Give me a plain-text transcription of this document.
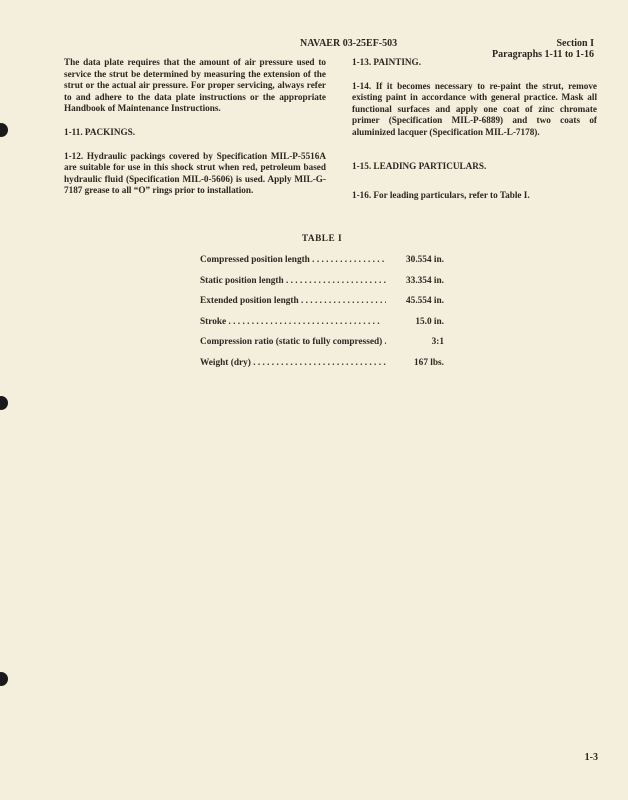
NAVAER 03-25EF-503	Section I
Paragraphs 1-11 to 1-16

The data plate requires that the amount of air pressure used to service the strut be determined by measuring the extension of the strut or the actual air pressure. For proper servicing, always refer to and adhere to the data plate instructions or the appropriate Handbook of Maintenance Instructions.

1-11. PACKINGS.

1-12. Hydraulic packings covered by Specification MIL-P-5516A are suitable for use in this shock strut when red, petroleum based hydraulic fluid (Specification MIL-0-5606) is used. Apply MIL-G-7187 grease to all “O” rings prior to installation.

1-13. PAINTING.

1-14. If it becomes necessary to re-paint the strut, remove existing paint in accordance with general practice. Mask all functional surfaces and apply one coat of zinc chromate primer (Specification MIL-P-6889) and two coats of aluminized lacquer (Specification MIL-L-7178).

1-15. LEADING PARTICULARS.

1-16. For leading particulars, refer to Table I.

TABLE I
Compressed position length . . .	30.554 in.
Static position length . . .	33.354 in.
Extended position length . . .	45.554 in.
Stroke . . .	15.0 in.
Compression ratio (static to fully compressed) . . .	3:1
Weight (dry) . . .	167 lbs.
1-3
